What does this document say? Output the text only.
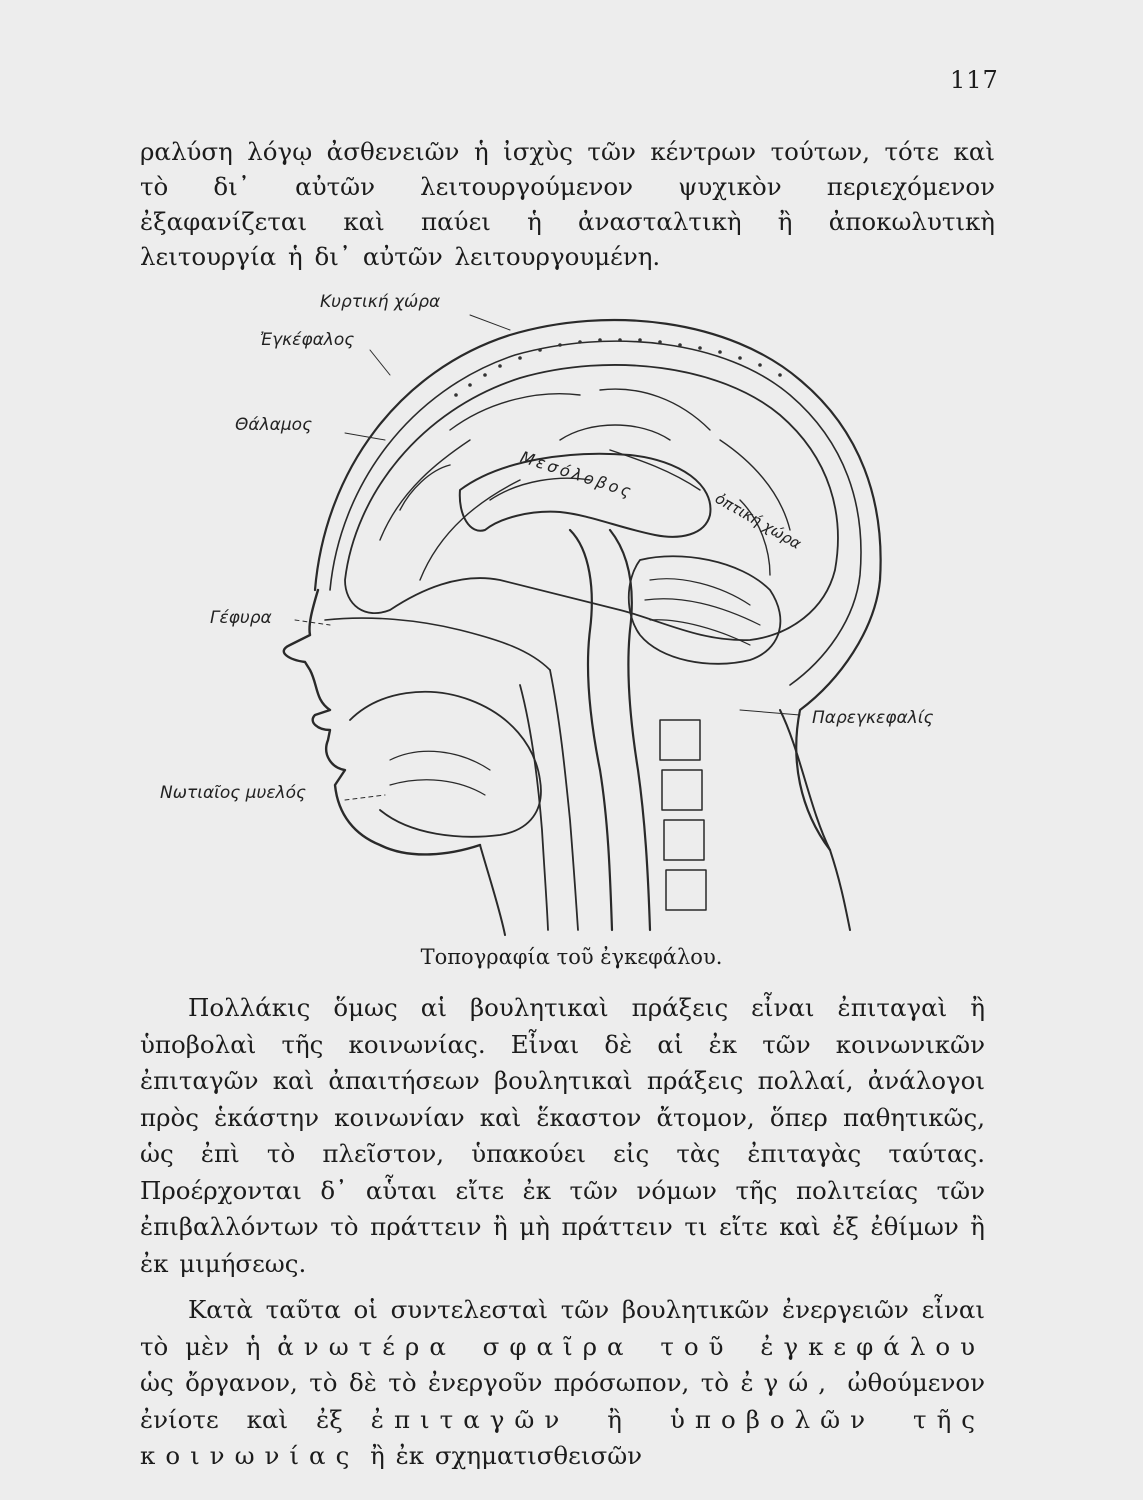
117
ραλύση λόγῳ ἀσθενειῶν ἡ ἰσχὺς τῶν κέντρων τούτων, τότε καὶ τὸ δι᾿ αὐτῶν λειτουργούμενον ψυχικὸν περιεχόμενον ἐξαφανίζεται καὶ παύει ἡ ἀνασταλτικὴ ἢ ἀποκωλυτικὴ λειτουργία ἡ δι᾿ αὐτῶν λειτουργουμένη.
Κυρτική χώρα
Ἐγκέφαλος
Θάλαμος
Μεσόλοβος
ὀπτική χώρα
Γέφυρα
Παρεγκεφαλίς
Νωτιαῖος μυελός
Τοπογραφία τοῦ ἐγκεφάλου.

Πολλάκις ὅμως αἱ βουλητικαὶ πράξεις εἶναι ἐπιταγαὶ ἢ ὑποβολαὶ τῆς κοινωνίας. Εἶναι δὲ αἱ ἐκ τῶν κοινωνικῶν ἐπιταγῶν καὶ ἀπαιτήσεων βουλητικαὶ πράξεις πολλαί, ἀνάλογοι πρὸς ἑκάστην κοινωνίαν καὶ ἕκαστον ἄτομον, ὅπερ παθητικῶς, ὡς ἐπὶ τὸ πλεῖστον, ὑπακούει εἰς τὰς ἐπιταγὰς ταύτας. Προέρχονται δ᾿ αὗται εἴτε ἐκ τῶν νόμων τῆς πολιτείας τῶν ἐπιβαλλόντων τὸ πράττειν ἢ μὴ πράττειν τι εἴτε καὶ ἐξ ἐθίμων ἢ ἐκ μιμήσεως.

Κατὰ ταῦτα οἱ συντελεσταὶ τῶν βουλητικῶν ἐνεργειῶν εἶναι τὸ μὲν ἡ ἀνωτέρα σφαῖρα τοῦ ἐγκεφάλου ὡς ὄργανον, τὸ δὲ τὸ ἐνεργοῦν πρόσωπον, τὸ ἐγώ, ὠθούμενον ἐνίοτε καὶ ἐξ ἐπιταγῶν ἢ ὑποβολῶν τῆς κοινωνίας ἢ ἐκ σχηματισθεισῶν
